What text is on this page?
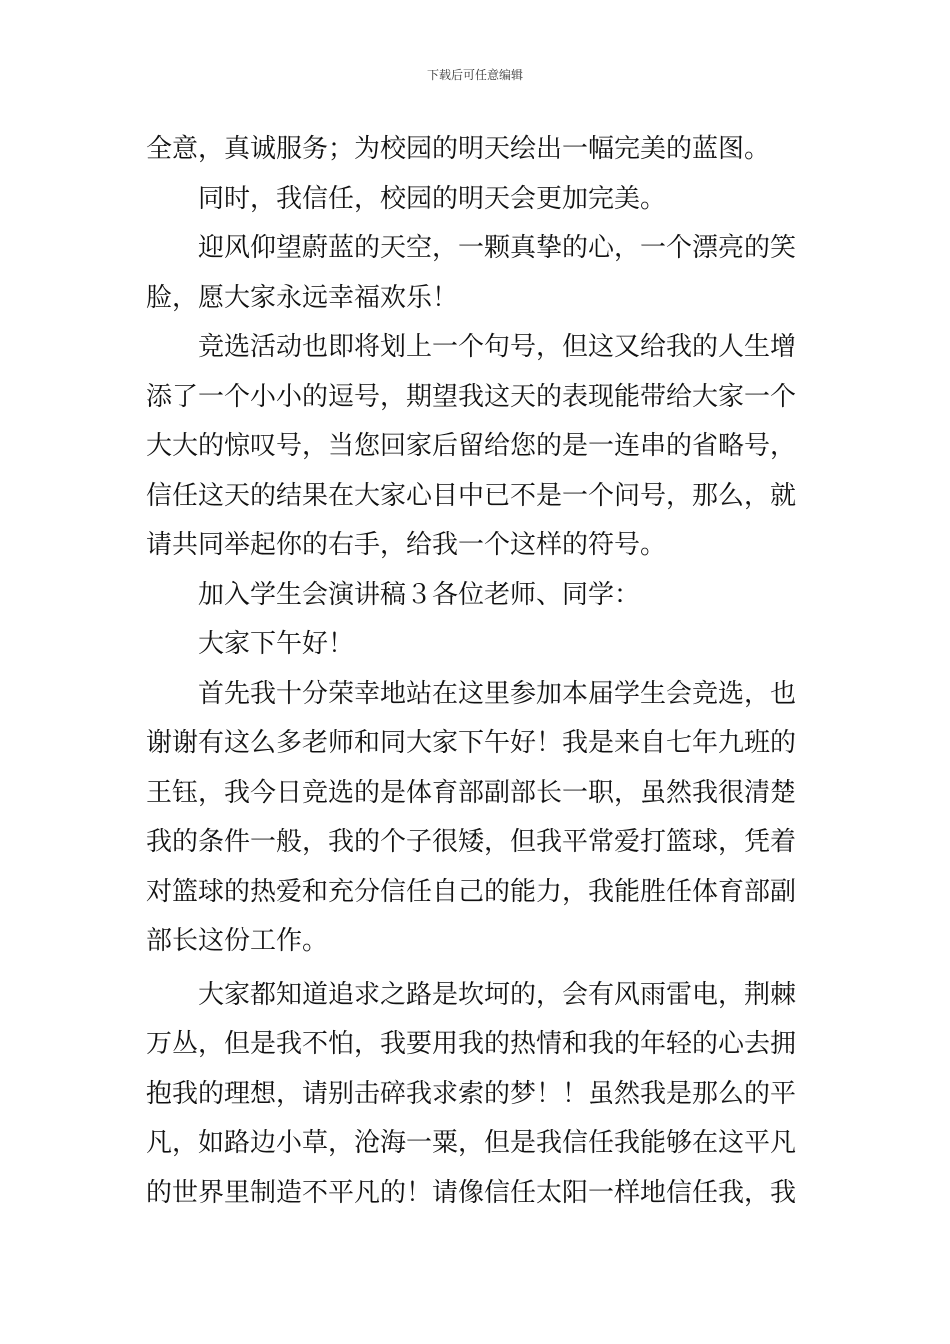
下载后可任意编辑
全意，真诚服务；为校园的明天绘出一幅完美的蓝图。
同时，我信任，校园的明天会更加完美。
迎风仰望蔚蓝的天空，一颗真挚的心，一个漂亮的笑
脸，愿大家永远幸福欢乐！
竞选活动也即将划上一个句号，但这又给我的人生增
添了一个小小的逗号，期望我这天的表现能带给大家一个
大大的惊叹号，当您回家后留给您的是一连串的省略号，
信任这天的结果在大家心目中已不是一个问号，那么，就
请共同举起你的右手，给我一个这样的符号。
加入学生会演讲稿３各位老师、同学：
大家下午好！
首先我十分荣幸地站在这里参加本届学生会竞选，也
谢谢有这么多老师和同大家下午好！我是来自七年九班的
王钰，我今日竞选的是体育部副部长一职，虽然我很清楚
我的条件一般，我的个子很矮，但我平常爱打篮球，凭着
对篮球的热爱和充分信任自己的能力，我能胜任体育部副
部长这份工作。
大家都知道追求之路是坎坷的，会有风雨雷电，荆棘
万丛，但是我不怕，我要用我的热情和我的年轻的心去拥
抱我的理想，请别击碎我求索的梦！！虽然我是那么的平
凡，如路边小草，沧海一粟，但是我信任我能够在这平凡
的世界里制造不平凡的！请像信任太阳一样地信任我，我
